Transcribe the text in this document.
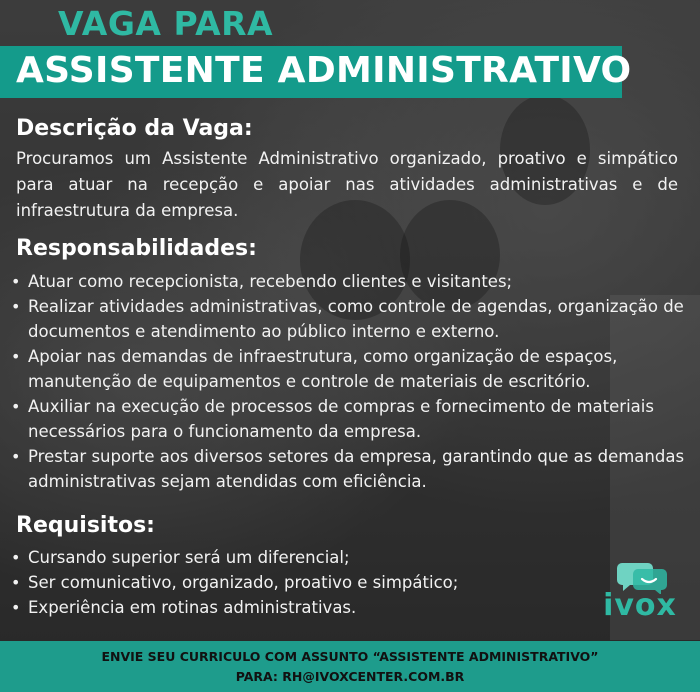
VAGA PARA
ASSISTENTE ADMINISTRATIVO
Descrição da Vaga:

Procuramos um Assistente Administrativo organizado, proativo e simpático para atuar na recepção e apoiar nas atividades administrativas e de infraestrutura da empresa.

Responsabilidades:
• Atuar como recepcionista, recebendo clientes e visitantes;
• Realizar atividades administrativas, como controle de agendas, organização de documentos e atendimento ao público interno e externo.
• Apoiar nas demandas de infraestrutura, como organização de espaços, manutenção de equipamentos e controle de materiais de escritório.
• Auxiliar na execução de processos de compras e fornecimento de materiais necessários para o funcionamento da empresa.
• Prestar suporte aos diversos setores da empresa, garantindo que as demandas administrativas sejam atendidas com eficiência.
Requisitos:
• Cursando superior será um diferencial;
• Ser comunicativo, organizado, proativo e simpático;
• Experiência em rotinas administrativas.	ivox

ENVIE SEU CURRICULO COM ASSUNTO “ASSISTENTE ADMINISTRATIVO”

PARA: RH@IVOXCENTER.COM.BR
